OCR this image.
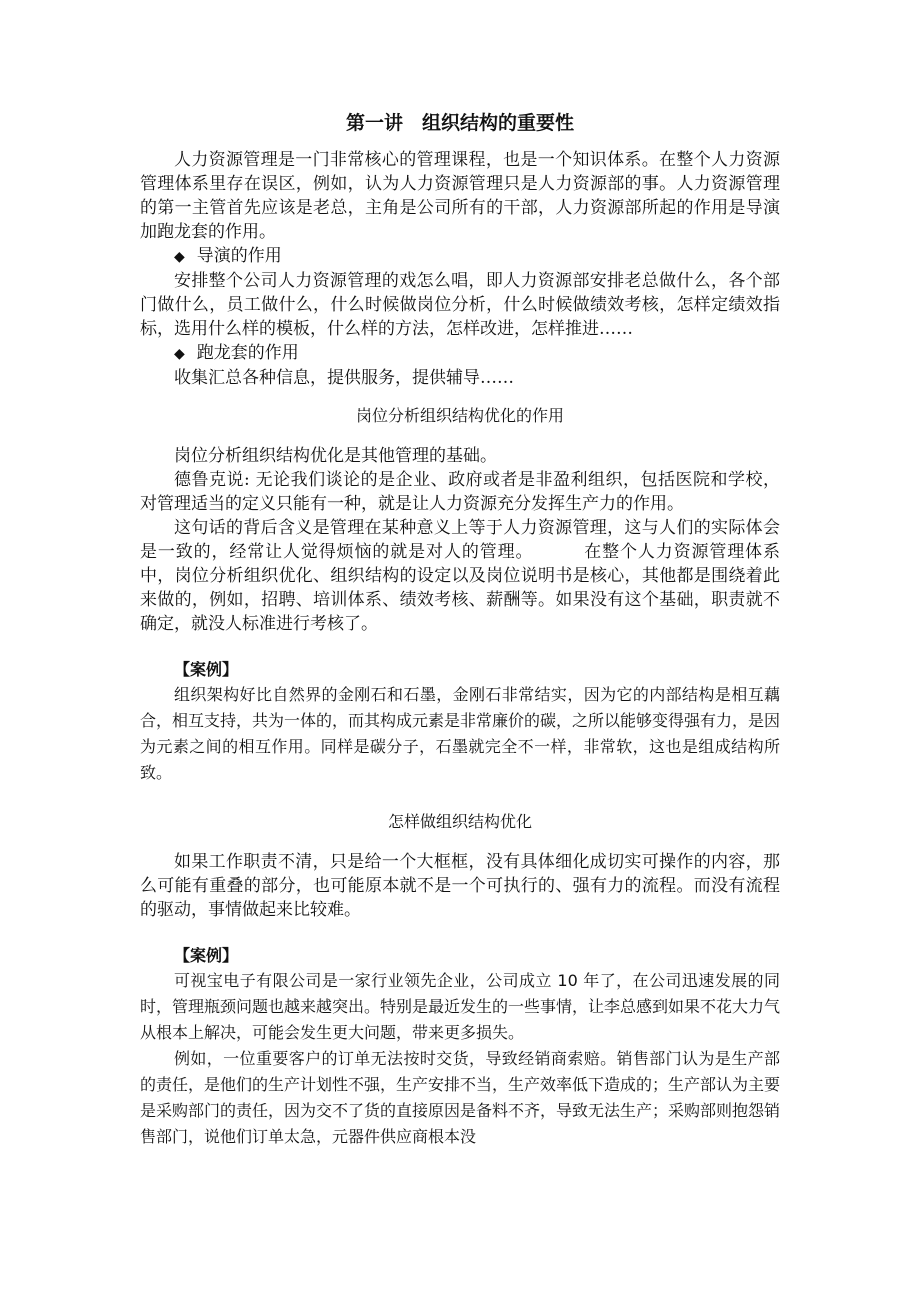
第一讲　组织结构的重要性

人力资源管理是一门非常核心的管理课程，也是一个知识体系。在整个人力资源管理体系里存在误区，例如，认为人力资源管理只是人力资源部的事。人力资源管理的第一主管首先应该是老总，主角是公司所有的干部，人力资源部所起的作用是导演加跑龙套的作用。

◆ 导演的作用

安排整个公司人力资源管理的戏怎么唱，即人力资源部安排老总做什么，各个部门做什么，员工做什么，什么时候做岗位分析，什么时候做绩效考核，怎样定绩效指标，选用什么样的模板，什么样的方法，怎样改进，怎样推进……

◆ 跑龙套的作用

收集汇总各种信息，提供服务，提供辅导……

岗位分析组织结构优化的作用

岗位分析组织结构优化是其他管理的基础。

德鲁克说: 无论我们谈论的是企业、政府或者是非盈利组织，包括医院和学校，对管理适当的定义只能有一种，就是让人力资源充分发挥生产力的作用。

这句话的背后含义是管理在某种意义上等于人力资源管理，这与人们的实际体会是一致的，经常让人觉得烦恼的就是对人的管理。	在整个人力资源管理体系中，岗位分析组织优化、组织结构的设定以及岗位说明书是核心，其他都是围绕着此来做的，例如，招聘、培训体系、绩效考核、薪酬等。如果没有这个基础，职责就不确定，就没人标准进行考核了。

【案例】

组织架构好比自然界的金刚石和石墨，金刚石非常结实，因为它的内部结构是相互藕合，相互支持，共为一体的，而其构成元素是非常廉价的碳，之所以能够变得强有力，是因为元素之间的相互作用。同样是碳分子，石墨就完全不一样，非常软，这也是组成结构所致。

怎样做组织结构优化

如果工作职责不清，只是给一个大框框，没有具体细化成切实可操作的内容，那么可能有重叠的部分，也可能原本就不是一个可执行的、强有力的流程。而没有流程的驱动，事情做起来比较难。

【案例】

可视宝电子有限公司是一家行业领先企业，公司成立 10 年了，在公司迅速发展的同时，管理瓶颈问题也越来越突出。特别是最近发生的一些事情，让李总感到如果不花大力气从根本上解决，可能会发生更大问题，带来更多损失。

例如，一位重要客户的订单无法按时交货，导致经销商索赔。销售部门认为是生产部的责任，是他们的生产计划性不强，生产安排不当，生产效率低下造成的；生产部认为主要是采购部门的责任，因为交不了货的直接原因是备料不齐，导致无法生产；采购部则抱怨销售部门，说他们订单太急，元器件供应商根本没
